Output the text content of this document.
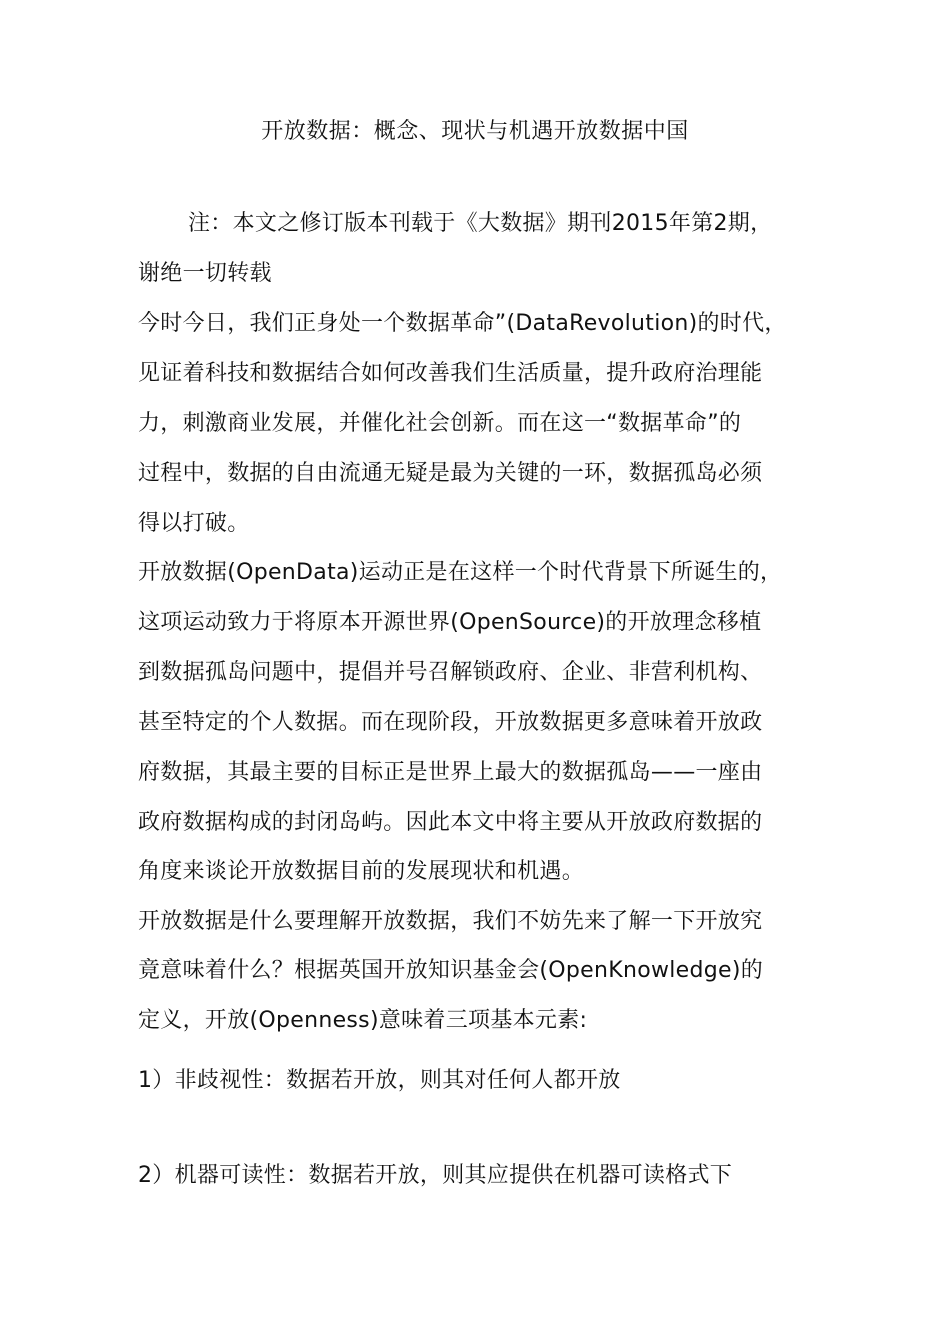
开放数据：概念、现状与机遇开放数据中国
注：本文之修订版本刊载于《大数据》期刊2015年第2期，
谢绝一切转载
今时今日，我们正身处一个数据革命”(DataRevolution)的时代，
见证着科技和数据结合如何改善我们生活质量，提升政府治理能
力，刺激商业发展，并催化社会创新。而在这一“数据革命”的
过程中，数据的自由流通无疑是最为关键的一环，数据孤岛必须
得以打破。
开放数据(OpenData)运动正是在这样一个时代背景下所诞生的，
这项运动致力于将原本开源世界(OpenSource)的开放理念移植
到数据孤岛问题中，提倡并号召解锁政府、企业、非营利机构、
甚至特定的个人数据。而在现阶段，开放数据更多意味着开放政
府数据，其最主要的目标正是世界上最大的数据孤岛——一座由
政府数据构成的封闭岛屿。因此本文中将主要从开放政府数据的
角度来谈论开放数据目前的发展现状和机遇。
开放数据是什么要理解开放数据，我们不妨先来了解一下开放究
竟意味着什么？根据英国开放知识基金会(OpenKnowledge)的
定义，开放(Openness)意味着三项基本元素:
1）非歧视性：数据若开放，则其对任何人都开放
2）机器可读性：数据若开放，则其应提供在机器可读格式下
